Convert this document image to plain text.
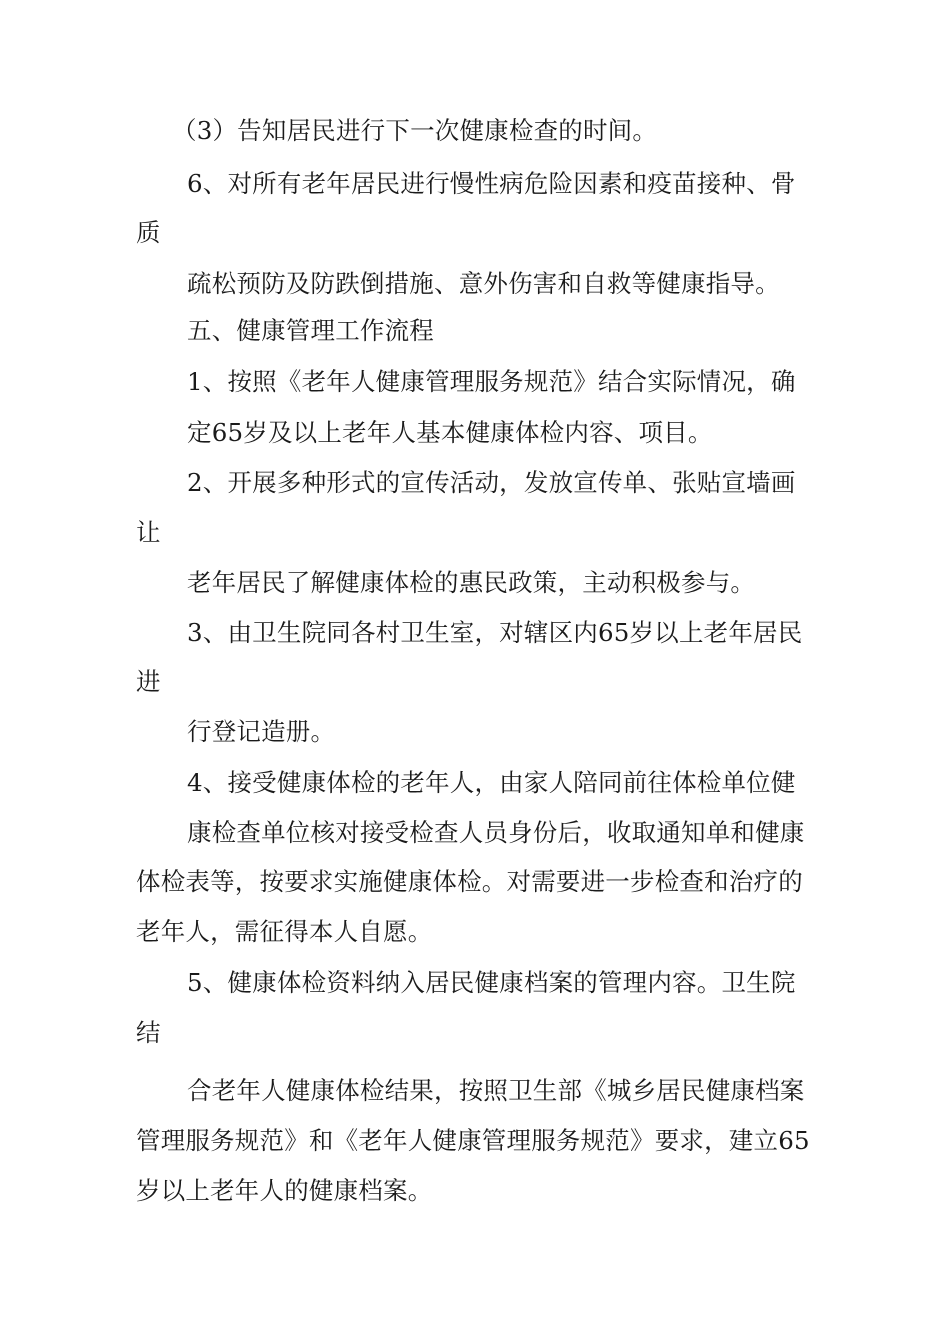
（3）告知居民进行下一次健康检查的时间。
6、对所有老年居民进行慢性病危险因素和疫苗接种、骨
质
疏松预防及防跌倒措施、意外伤害和自救等健康指导。
五、健康管理工作流程
1、按照《老年人健康管理服务规范》结合实际情况，确
定65岁及以上老年人基本健康体检内容、项目。
2、开展多种形式的宣传活动，发放宣传单、张贴宣墙画
让
老年居民了解健康体检的惠民政策，主动积极参与。
3、由卫生院同各村卫生室，对辖区内65岁以上老年居民
进
行登记造册。
4、接受健康体检的老年人，由家人陪同前往体检单位健
康检查单位核对接受检查人员身份后，收取通知单和健康
体检表等，按要求实施健康体检。对需要进一步检查和治疗的
老年人，需征得本人自愿。
5、健康体检资料纳入居民健康档案的管理内容。卫生院
结
合老年人健康体检结果，按照卫生部《城乡居民健康档案
管理服务规范》和《老年人健康管理服务规范》要求，建立65
岁以上老年人的健康档案。
